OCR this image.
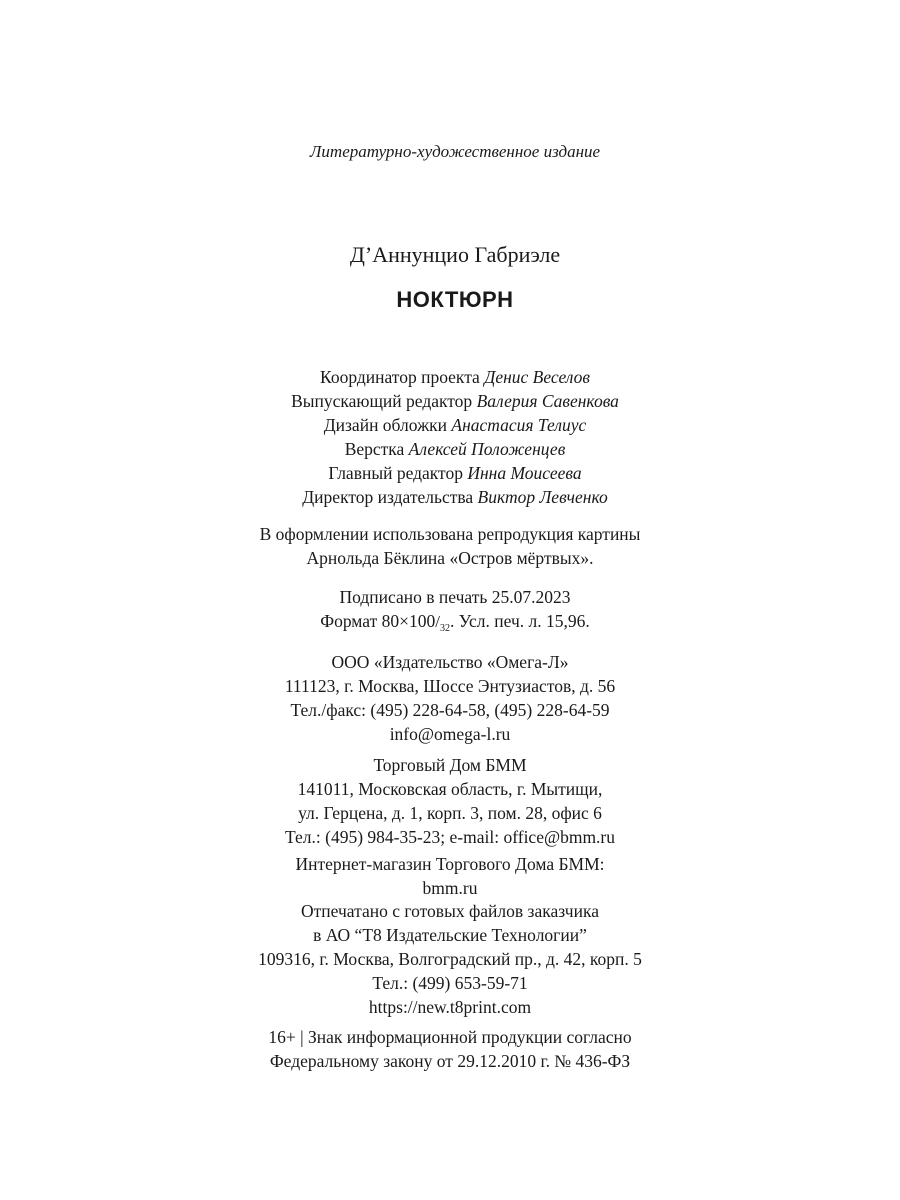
Литературно-художественное издание
Д’Аннунцио Габриэле
НОКТЮРН
Координатор проекта Денис Веселов
Выпускающий редактор Валерия Савенкова
Дизайн обложки Анастасия Телиус
Верстка Алексей Положенцев
Главный редактор Инна Моисеева
Директор издательства Виктор Левченко
В оформлении использована репродукция картины
Арнольда Бёклина «Остров мёртвых».
Подписано в печать 25.07.2023
Формат $80\times 100/_{32}$. Усл. печ. л. 15,96.
ООО «Издательство «Омега-Л»
111123, г. Москва, Шоссе Энтузиастов, д. 56
Тел./факс: (495) 228-64-58, (495) 228-64-59
info@omega-l.ru
Торговый Дом БММ
141011, Московская область, г. Мытищи,
ул. Герцена, д. 1, корп. 3, пом. 28, офис 6
Тел.: (495) 984-35-23; e-mail: office@bmm.ru
Интернет-магазин Торгового Дома БММ:
bmm.ru
Отпечатано с готовых файлов заказчика
в АО “Т8 Издательские Технологии”
109316, г. Москва, Волгоградский пр., д. 42, корп. 5
Тел.: (499) 653-59-71
https://new.t8print.com
16+ | Знак информационной продукции согласно
Федеральному закону от 29.12.2010 г. № 436-ФЗ
